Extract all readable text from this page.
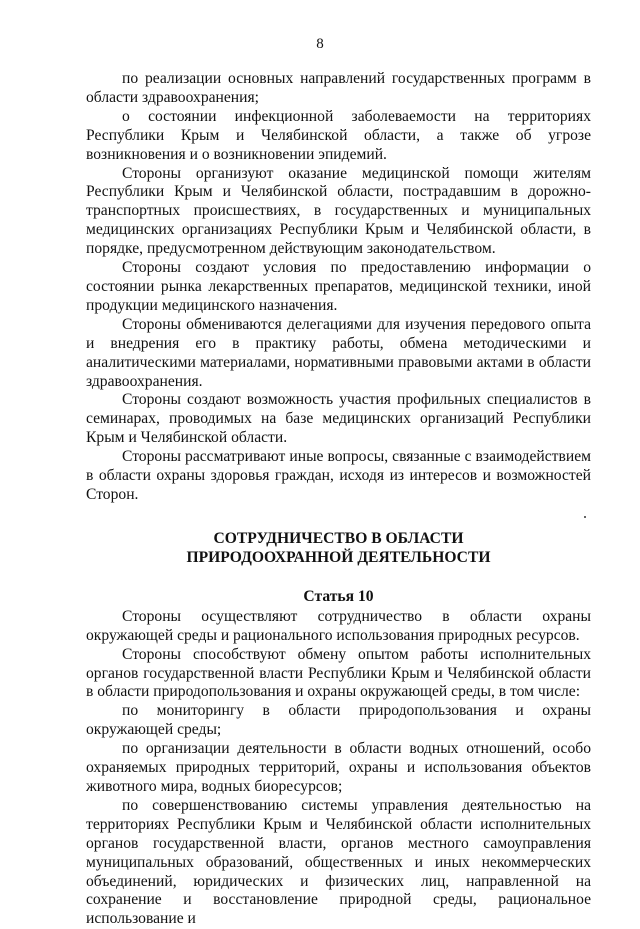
8

по реализации основных направлений государственных программ в области здравоохранения;

о состоянии инфекционной заболеваемости на территориях Республики Крым и Челябинской области, а также об угрозе возникновения и о возникновении эпидемий.

Стороны организуют оказание медицинской помощи жителям Республики Крым и Челябинской области, пострадавшим в дорожно-транспортных происшествиях, в государственных и муниципальных медицинских организациях Республики Крым и Челябинской области, в порядке, предусмотренном действующим законодательством.

Стороны создают условия по предоставлению информации о состоянии рынка лекарственных препаратов, медицинской техники, иной продукции медицинского назначения.

Стороны обмениваются делегациями для изучения передового опыта и внедрения его в практику работы, обмена методическими и аналитическими материалами, нормативными правовыми актами в области здравоохранения.

Стороны создают возможность участия профильных специалистов в семинарах, проводимых на базе медицинских организаций Республики Крым и Челябинской области.

Стороны рассматривают иные вопросы, связанные с взаимодействием в области охраны здоровья граждан, исходя из интересов и возможностей Сторон.

СОТРУДНИЧЕСТВО В ОБЛАСТИ
ПРИРОДООХРАННОЙ ДЕЯТЕЛЬНОСТИ
Статья 10

Стороны осуществляют сотрудничество в области охраны окружающей среды и рационального использования природных ресурсов.

Стороны способствуют обмену опытом работы исполнительных органов государственной власти Республики Крым и Челябинской области в области природопользования и охраны окружающей среды, в том числе:

по мониторингу в области природопользования и охраны окружающей среды;

по организации деятельности в области водных отношений, особо охраняемых природных территорий, охраны и использования объектов животного мира, водных биоресурсов;

по совершенствованию системы управления деятельностью на территориях Республики Крым и Челябинской области исполнительных органов государственной власти, органов местного самоуправления муниципальных образований, общественных и иных некоммерческих объединений, юридических и физических лиц, направленной на сохранение и восстановление природной среды, рациональное использование и
